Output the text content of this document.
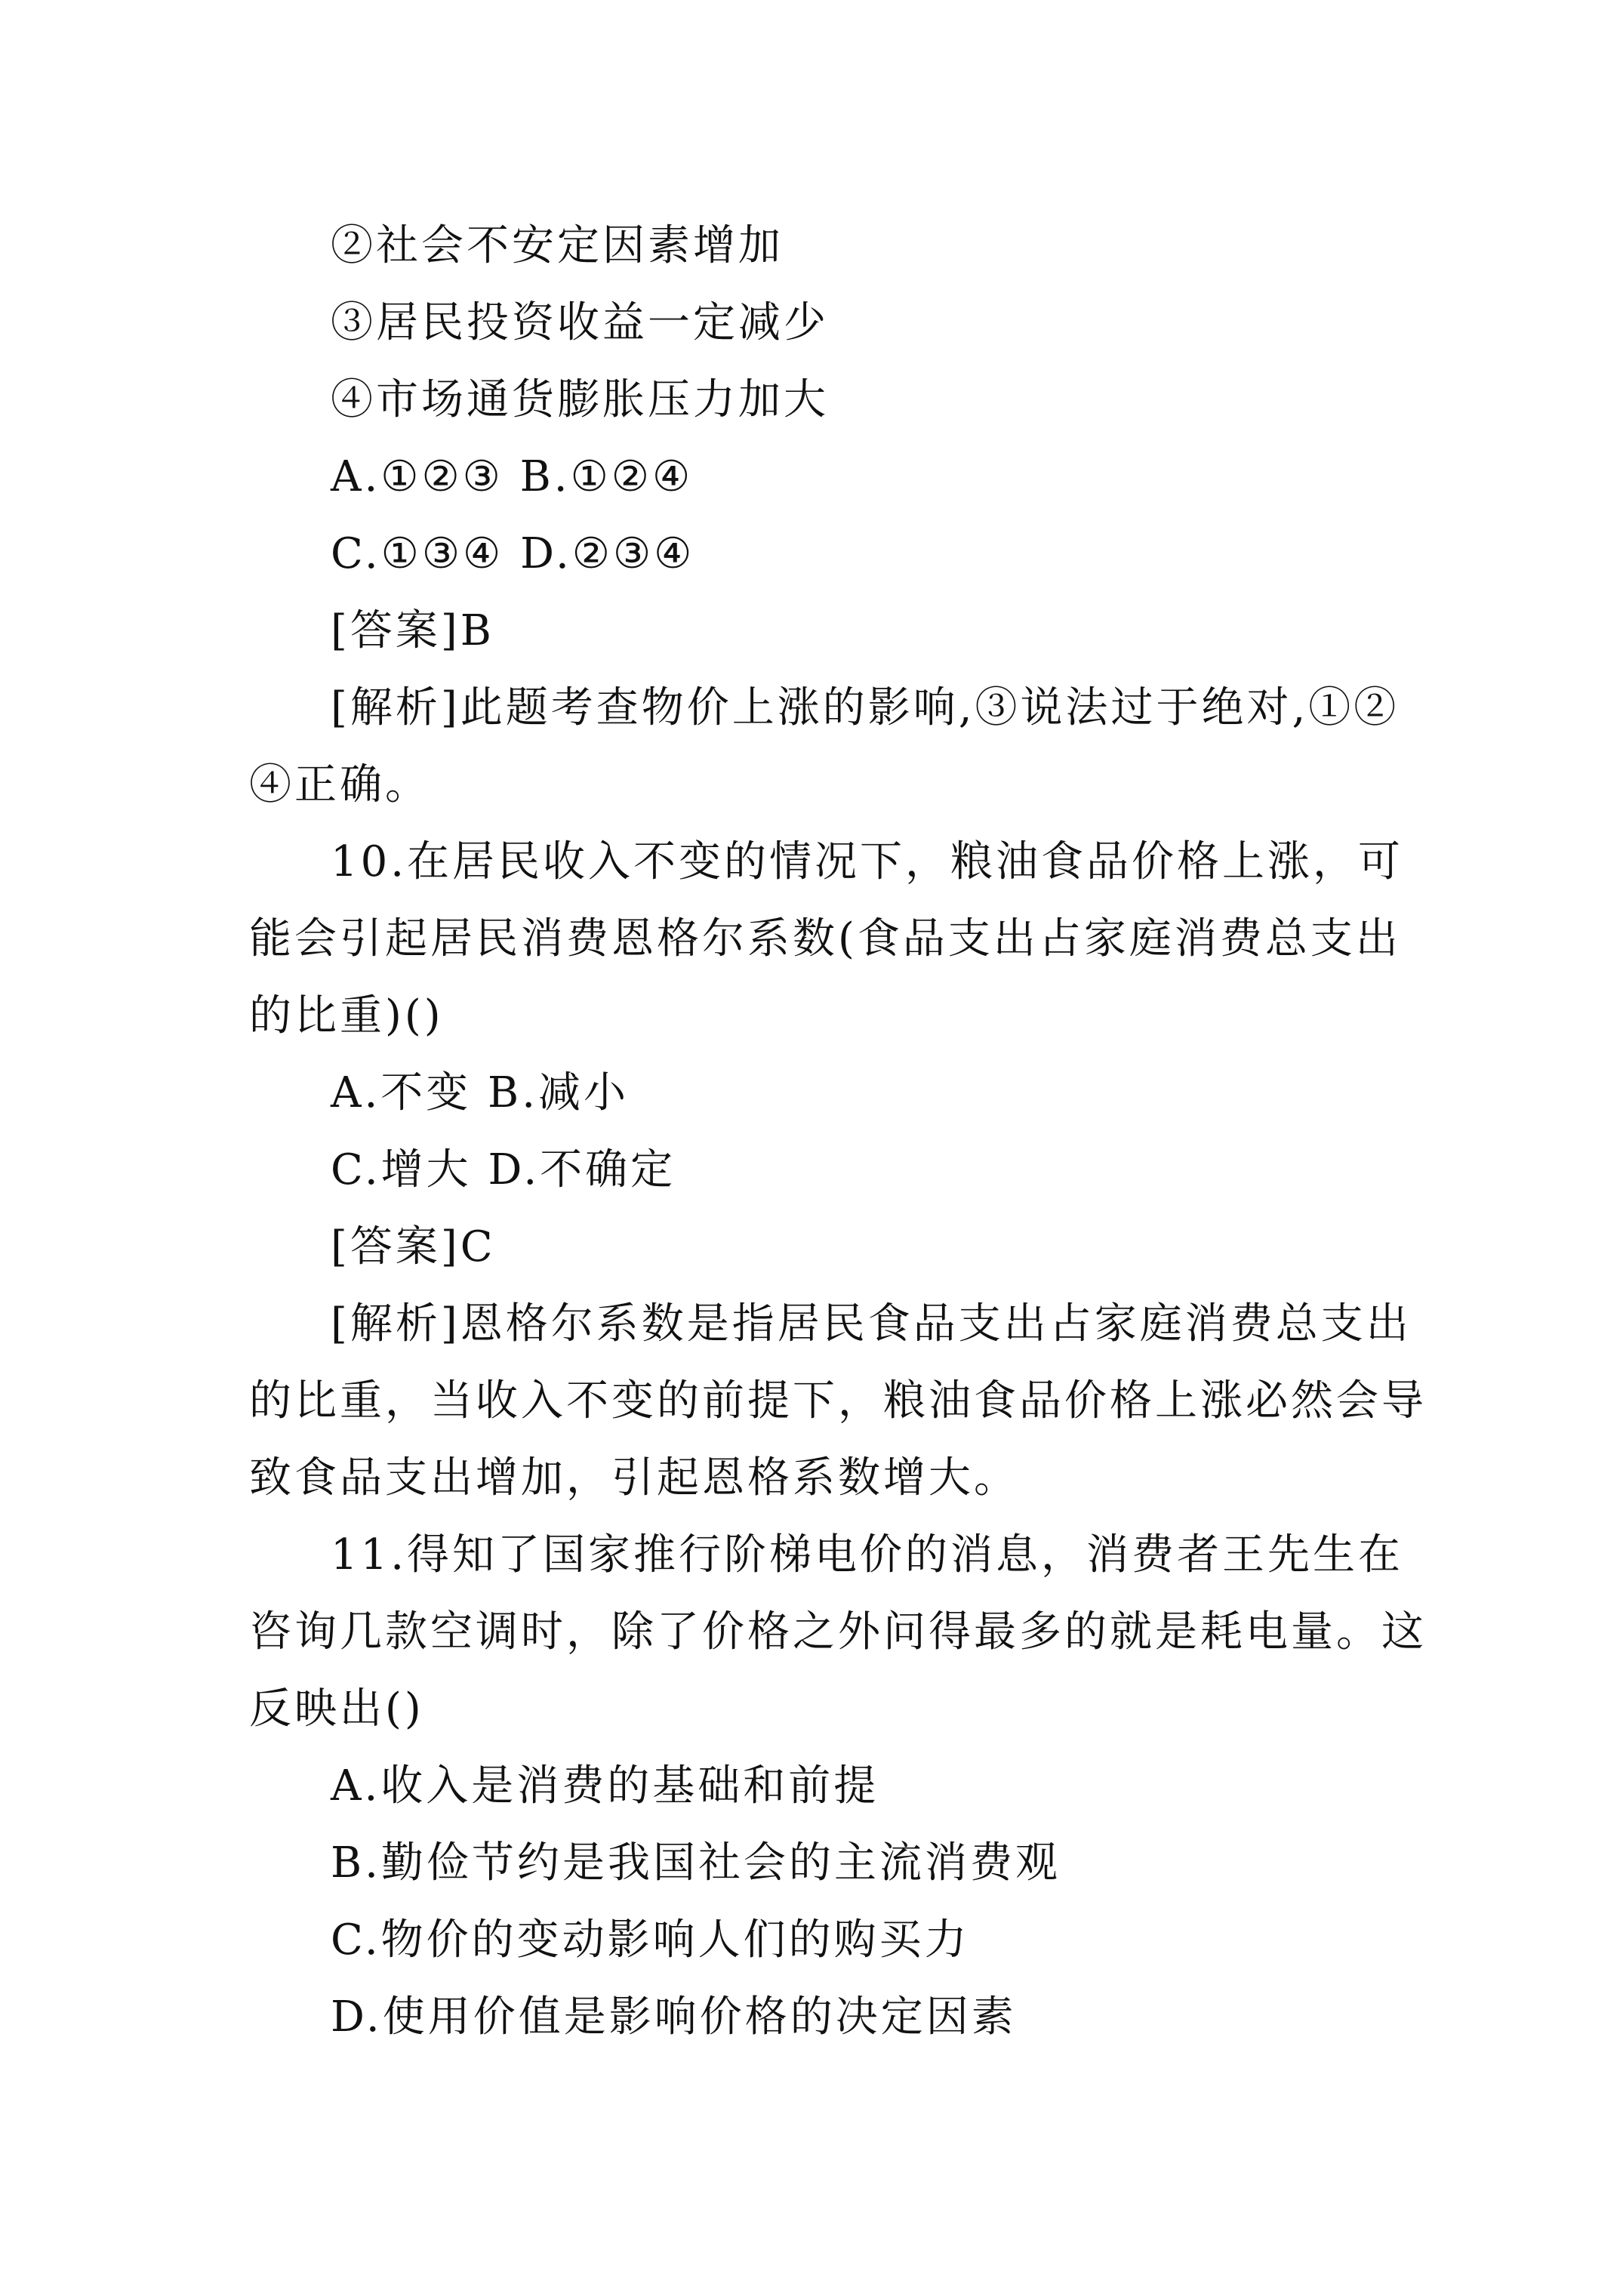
②社会不安定因素增加
③居民投资收益一定减少
④市场通货膨胀压力加大
A.①②③ B.①②④
C.①③④ D.②③④
[答案]B
[解析]此题考查物价上涨的影响,③说法过于绝对,①②
④正确。
10.在居民收入不变的情况下，粮油食品价格上涨，可
能会引起居民消费恩格尔系数(食品支出占家庭消费总支出
的比重)()
A.不变 B.减小
C.增大 D.不确定
[答案]C
[解析]恩格尔系数是指居民食品支出占家庭消费总支出
的比重，当收入不变的前提下，粮油食品价格上涨必然会导
致食品支出增加，引起恩格系数增大。
11.得知了国家推行阶梯电价的消息，消费者王先生在
咨询几款空调时，除了价格之外问得最多的就是耗电量。这
反映出()
A.收入是消费的基础和前提
B.勤俭节约是我国社会的主流消费观
C.物价的变动影响人们的购买力
D.使用价值是影响价格的决定因素
